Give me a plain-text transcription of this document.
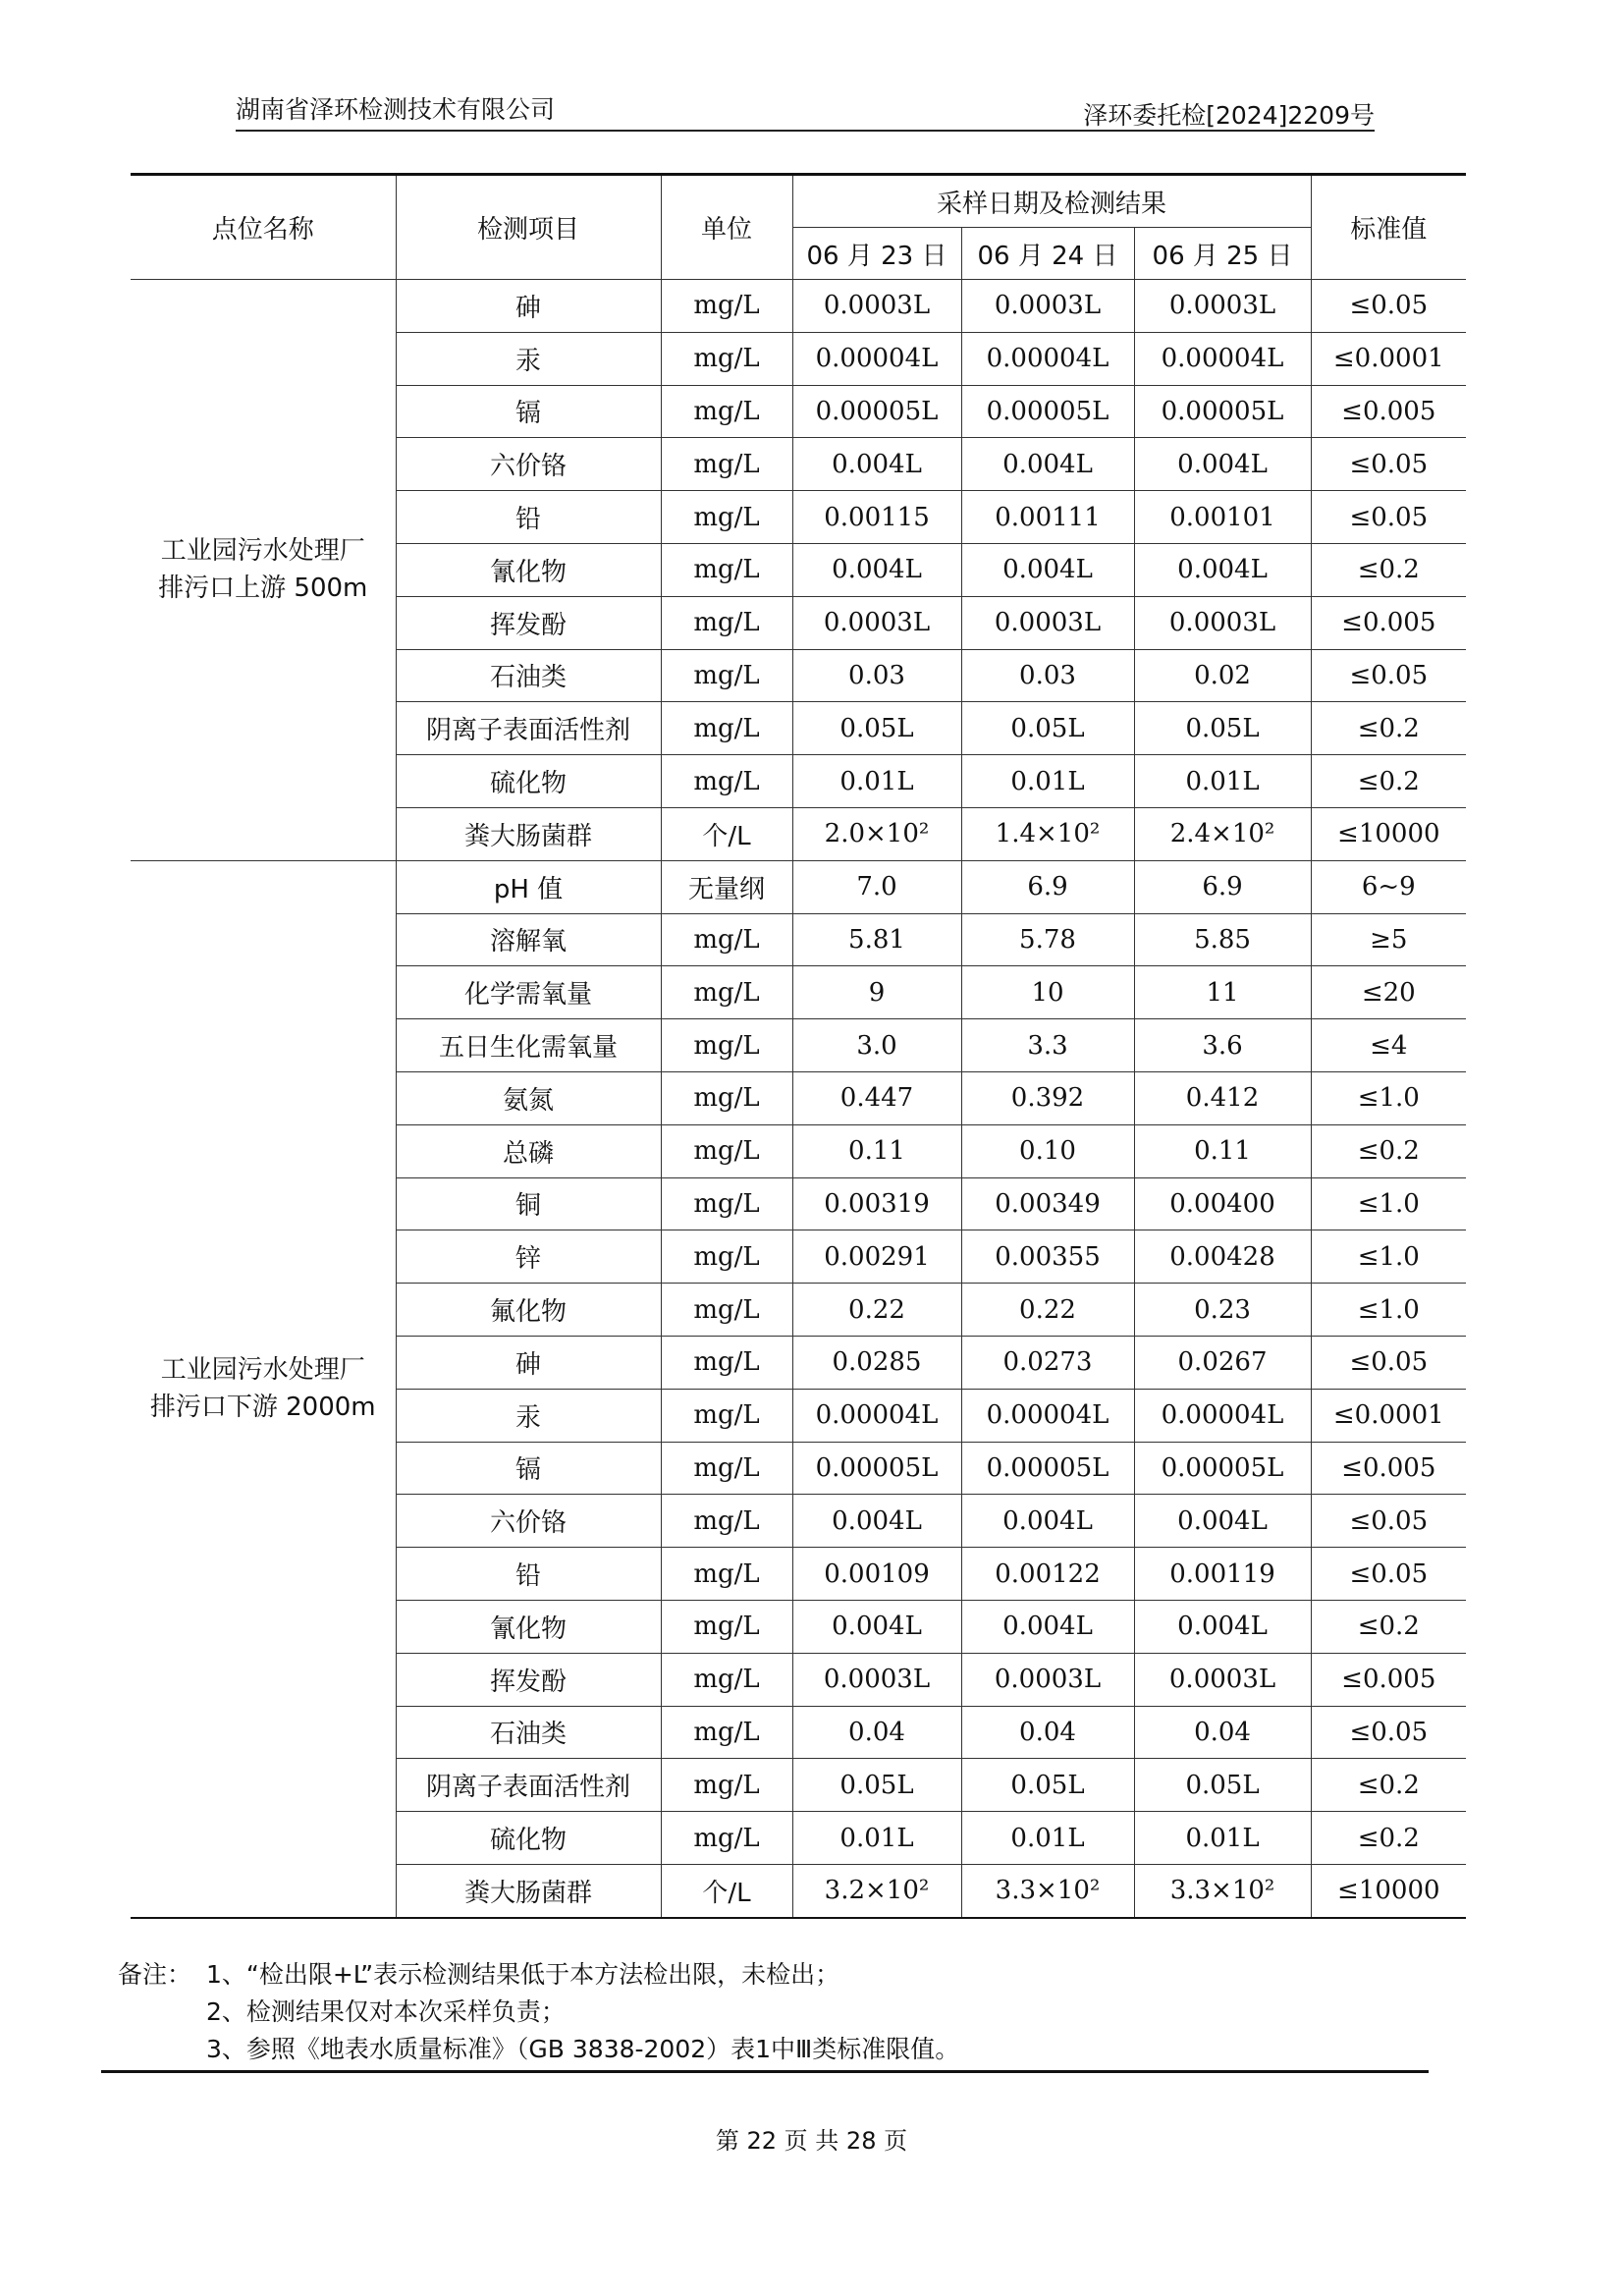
湖南省泽环检测技术有限公司	泽环委托检[2024]2209号
点位名称	检测项目	单位	采样日期及检测结果			标准值
			06 月 23 日	06 月 24 日	06 月 25 日	

工业园污水处理厂
排污口上游 500m	砷	mg/L	0.0003L	0.0003L	0.0003L	≤0.05
	汞	mg/L	0.00004L	0.00004L	0.00004L	≤0.0001
	镉	mg/L	0.00005L	0.00005L	0.00005L	≤0.005
	六价铬	mg/L	0.004L	0.004L	0.004L	≤0.05
	铅	mg/L	0.00115	0.00111	0.00101	≤0.05
	氰化物	mg/L	0.004L	0.004L	0.004L	≤0.2
	挥发酚	mg/L	0.0003L	0.0003L	0.0003L	≤0.005
	石油类	mg/L	0.03	0.03	0.02	≤0.05
	阴离子表面活性剂	mg/L	0.05L	0.05L	0.05L	≤0.2
	硫化物	mg/L	0.01L	0.01L	0.01L	≤0.2
	粪大肠菌群	个/L	2.0×10²	1.4×10²	2.4×10²	≤10000

工业园污水处理厂
排污口下游 2000m	pH 值	无量纲	7.0	6.9	6.9	6~9
	溶解氧	mg/L	5.81	5.78	5.85	≥5
	化学需氧量	mg/L	9	10	11	≤20
	五日生化需氧量	mg/L	3.0	3.3	3.6	≤4
	氨氮	mg/L	0.447	0.392	0.412	≤1.0
	总磷	mg/L	0.11	0.10	0.11	≤0.2
	铜	mg/L	0.00319	0.00349	0.00400	≤1.0
	锌	mg/L	0.00291	0.00355	0.00428	≤1.0
	氟化物	mg/L	0.22	0.22	0.23	≤1.0
	砷	mg/L	0.0285	0.0273	0.0267	≤0.05
	汞	mg/L	0.00004L	0.00004L	0.00004L	≤0.0001
	镉	mg/L	0.00005L	0.00005L	0.00005L	≤0.005
	六价铬	mg/L	0.004L	0.004L	0.004L	≤0.05
	铅	mg/L	0.00109	0.00122	0.00119	≤0.05
	氰化物	mg/L	0.004L	0.004L	0.004L	≤0.2
	挥发酚	mg/L	0.0003L	0.0003L	0.0003L	≤0.005
	石油类	mg/L	0.04	0.04	0.04	≤0.05
	阴离子表面活性剂	mg/L	0.05L	0.05L	0.05L	≤0.2
	硫化物	mg/L	0.01L	0.01L	0.01L	≤0.2
	粪大肠菌群	个/L	3.2×10²	3.3×10²	3.3×10²	≤10000
备注： 1、“检出限+L”表示检测结果低于本方法检出限，未检出；
2、检测结果仅对本次采样负责；
3、参照《地表水质量标准》（GB 3838-2002）表1中Ⅲ类标准限值。
第 22 页 共 28 页
